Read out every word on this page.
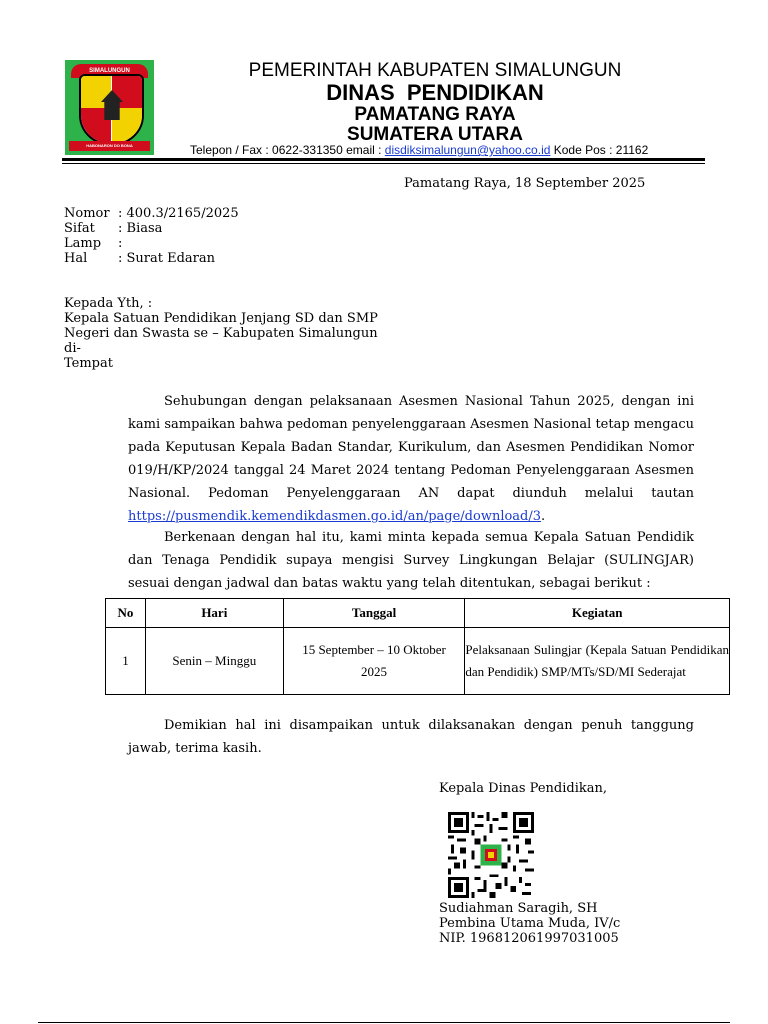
SIMALUNGUN
HABONARON DO BONA
PEMERINTAH KABUPATEN SIMALUNGUN
DINAS  PENDIDIKAN
PAMATANG RAYA
SUMATERA UTARA
Telepon / Fax : 0622-331350 email : disdiksimalungun@yahoo.co.id Kode Pos : 21162
Pamatang Raya, 18 September 2025
Nomor : 400.3/2165/2025
Sifat	: Biasa
Lamp	:
Hal	: Surat Edaran
Kepada Yth, :
Kepala Satuan Pendidikan Jenjang SD dan SMP
Negeri dan Swasta se – Kabupaten Simalungun
di-
Tempat
Sehubungan dengan pelaksanaan Asesmen Nasional Tahun 2025, dengan ini kami sampaikan bahwa pedoman penyelenggaraan Asesmen Nasional tetap mengacu pada Keputusan Kepala Badan Standar, Kurikulum, dan Asesmen Pendidikan Nomor 019/H/KP/2024 tanggal 24 Maret 2024 tentang Pedoman Penyelenggaraan Asesmen Nasional. Pedoman Penyelenggaraan AN dapat diunduh melalui tautan https://pusmendik.kemendikdasmen.go.id/an/page/download/3.
Berkenaan dengan hal itu, kami minta kepada semua Kepala Satuan Pendidik dan Tenaga Pendidik supaya mengisi Survey Lingkungan Belajar (SULINGJAR) sesuai dengan jadwal dan batas waktu yang telah ditentukan, sebagai berikut :
No	Hari	Tanggal	Kegiatan
1	Senin – Minggu	15 September – 10 Oktober 2025	Pelaksanaan Sulingjar (Kepala Satuan Pendidikan dan Pendidik) SMP/MTs/SD/MI Sederajat
Demikian hal ini disampaikan untuk dilaksanakan dengan penuh tanggung jawab, terima kasih.
Kepala Dinas Pendidikan,
Sudiahman Saragih, SH
Pembina Utama Muda, IV/c
NIP. 196812061997031005
